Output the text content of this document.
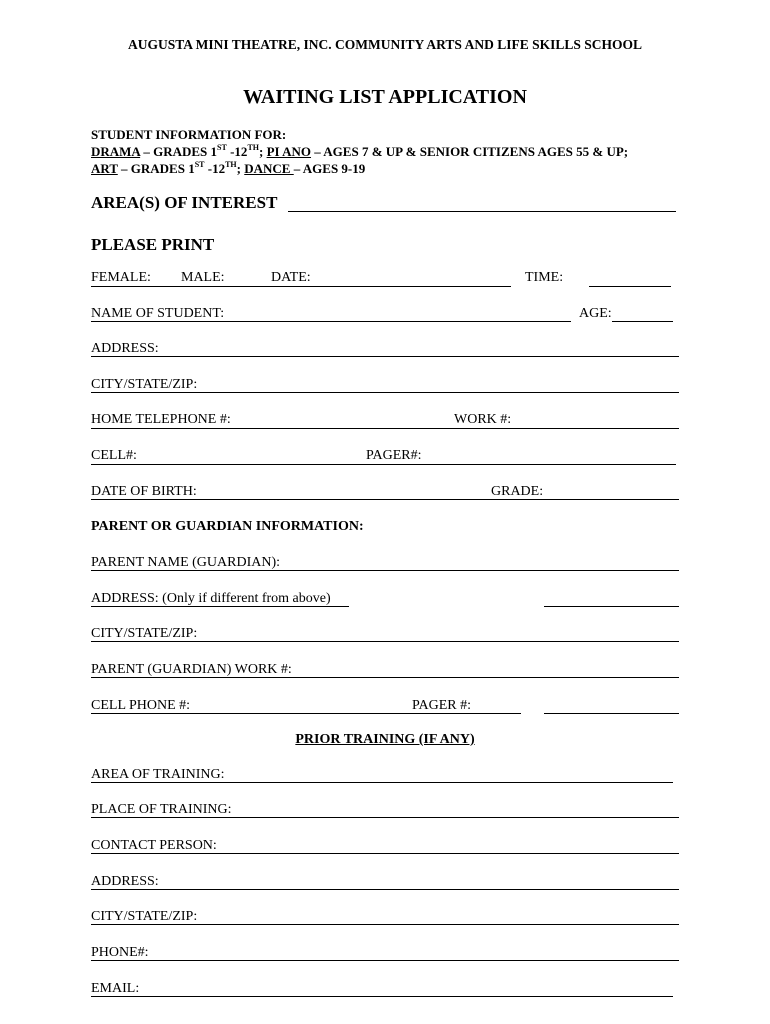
AUGUSTA MINI THEATRE, INC. COMMUNITY ARTS AND LIFE SKILLS SCHOOL
WAITING LIST APPLICATION
STUDENT INFORMATION FOR:
DRAMA – GRADES 1ST -12TH; PI ANO – AGES 7 & UP & SENIOR CITIZENS AGES 55 & UP;
ART – GRADES 1ST -12TH; DANCE – AGES 9-19
AREA(S) OF INTEREST
PLEASE PRINT
FEMALE: MALE:	DATE:	TIME:
NAME OF STUDENT:	AGE:
ADDRESS:
CITY/STATE/ZIP:
HOME TELEPHONE #:	WORK #:
CELL#:	PAGER#:
DATE OF BIRTH:	GRADE:
PARENT OR GUARDIAN INFORMATION:
PARENT NAME (GUARDIAN):
ADDRESS: (Only if different from above)
CITY/STATE/ZIP:
PARENT (GUARDIAN) WORK #:
CELL PHONE #:	PAGER #:
PRIOR TRAINING (IF ANY)
AREA OF TRAINING:
PLACE OF TRAINING:
CONTACT PERSON:
ADDRESS:
CITY/STATE/ZIP:
PHONE#:
EMAIL:
